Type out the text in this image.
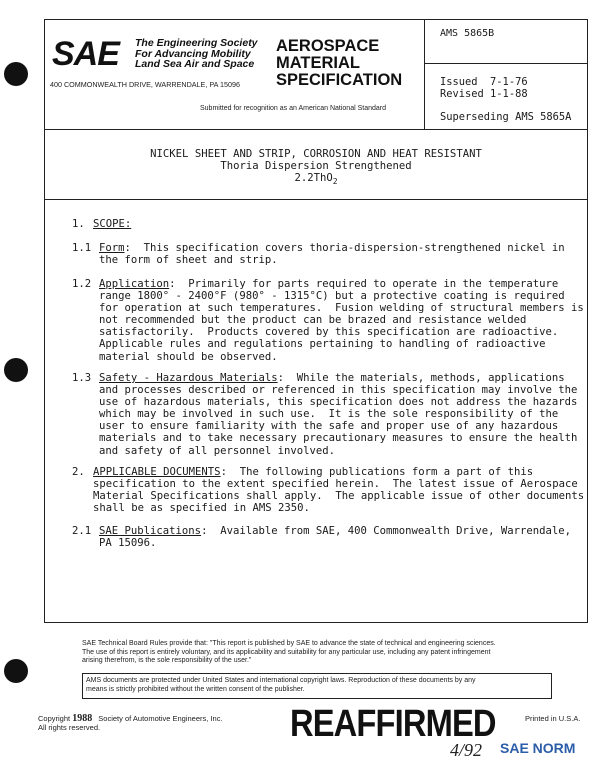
SAE The Engineering Society
For Advancing Mobility
Land Sea Air and Space
400 COMMONWEALTH DRIVE, WARRENDALE, PA 15096
AEROSPACE
MATERIAL
SPECIFICATION
Submitted for recognition as an American National Standard
AMS 5865B
Issued  7-1-76
Revised 1-1-88
Superseding AMS 5865A
NICKEL SHEET AND STRIP, CORROSION AND HEAT RESISTANT
Thoria Dispersion Strengthened
2.2ThO$_2$
1. SCOPE:
1.1 Form:  This specification covers thoria-dispersion-strengthened nickel in
the form of sheet and strip.
1.2 Application:  Primarily for parts required to operate in the temperature
range 1800° - 2400°F (980° - 1315°C) but a protective coating is required
for operation at such temperatures.  Fusion welding of structural members is
not recommended but the product can be brazed and resistance welded
satisfactorily.  Products covered by this specification are radioactive.
Applicable rules and regulations pertaining to handling of radioactive
material should be observed.
1.3 Safety - Hazardous Materials:  While the materials, methods, applications
and processes described or referenced in this specification may involve the
use of hazardous materials, this specification does not address the hazards
which may be involved in such use.  It is the sole responsibility of the
user to ensure familiarity with the safe and proper use of any hazardous
materials and to take necessary precautionary measures to ensure the health
and safety of all personnel involved.
2. APPLICABLE DOCUMENTS:  The following publications form a part of this
specification to the extent specified herein.  The latest issue of Aerospace
Material Specifications shall apply.  The applicable issue of other documents
shall be as specified in AMS 2350.
2.1 SAE Publications:  Available from SAE, 400 Commonwealth Drive, Warrendale,
PA 15096.
SAE Technical Board Rules provide that: "This report is published by SAE to advance the state of technical and engineering sciences.
The use of this report is entirely voluntary, and its applicability and suitability for any particular use, including any patent infringement
arising therefrom, is the sole responsibility of the user."
AMS documents are protected under United States and international copyright laws. Reproduction of these documents by any
means is strictly prohibited without the written consent of the publisher.
Copyright 1988 Society of Automotive Engineers, Inc.
All rights reserved.	REAFFIRMED	Printed in U.S.A.
4/92 SAE NORM
